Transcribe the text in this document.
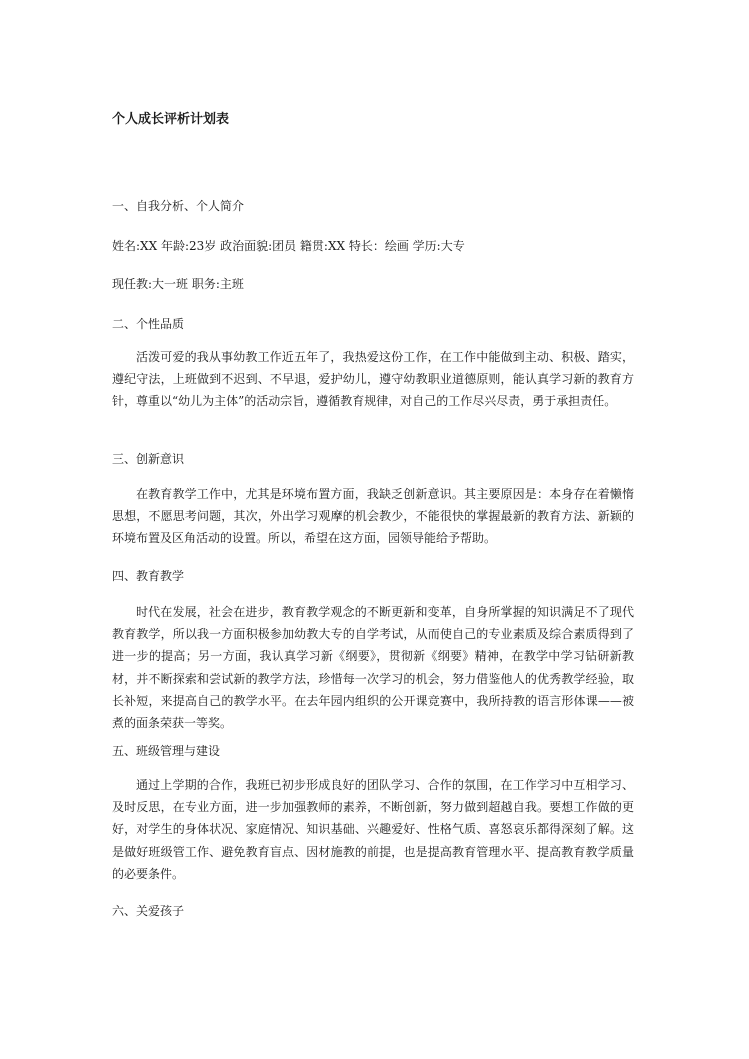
个人成长评析计划表

一、自我分析、个人简介

姓名:XX 年龄:23岁 政治面貌:团员 籍贯:XX 特长：绘画 学历:大专

现任教:大一班 职务:主班

二、个性品质

活泼可爱的我从事幼教工作近五年了，我热爱这份工作，在工作中能做到主动、积极、踏实，遵纪守法，上班做到不迟到、不早退，爱护幼儿，遵守幼教职业道德原则，能认真学习新的教育方针，尊重以“幼儿为主体”的活动宗旨，遵循教育规律，对自己的工作尽兴尽责，勇于承担责任。

三、创新意识

在教育教学工作中，尤其是环境布置方面，我缺乏创新意识。其主要原因是：本身存在着懒惰思想，不愿思考问题，其次，外出学习观摩的机会教少，不能很快的掌握最新的教育方法、新颖的环境布置及区角活动的设置。所以，希望在这方面，园领导能给予帮助。

四、教育教学

时代在发展，社会在进步，教育教学观念的不断更新和变革，自身所掌握的知识满足不了现代教育教学，所以我一方面积极参加幼教大专的自学考试，从而使自己的专业素质及综合素质得到了进一步的提高；另一方面，我认真学习新《纲要》，贯彻新《纲要》精神，在教学中学习钻研新教材，并不断探索和尝试新的教学方法，珍惜每一次学习的机会，努力借鉴他人的优秀教学经验，取长补短，来提高自己的教学水平。在去年园内组织的公开课竞赛中，我所持教的语言形体课——被煮的面条荣获一等奖。

五、班级管理与建设

通过上学期的合作，我班已初步形成良好的团队学习、合作的氛围，在工作学习中互相学习、及时反思，在专业方面，进一步加强教师的素养，不断创新，努力做到超越自我。要想工作做的更好，对学生的身体状况、家庭情况、知识基础、兴趣爱好、性格气质、喜怒哀乐都得深刻了解。这是做好班级管工作、避免教育盲点、因材施教的前提，也是提高教育管理水平、提高教育教学质量的必要条件。

六、关爱孩子
